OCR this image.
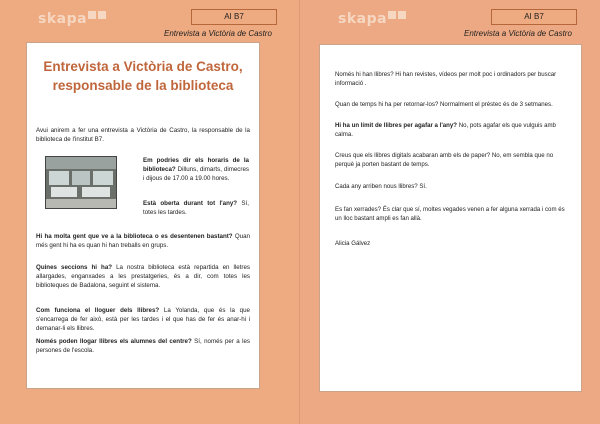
skapa	AI B7
Entrevista a Victòria de Castro
Entrevista a Victòria de Castro,
responsable de la biblioteca
Avui anirem a fer una entrevista a Victòria de Castro, la responsable de la biblioteca de l'institut B7.
Em podries dir els horaris de la biblioteca? Dilluns, dimarts, dimecres i dijous de 17.00 a 19.00 hores.
Està oberta durant tot l'any? Sí, totes les tardes.
Hi ha molta gent que ve a la biblioteca o es desentenen bastant? Quan més gent hi ha es quan hi han treballs en grups.
Quines seccions hi ha? La nostra biblioteca està repartida en lletres allargades, enganxades a les prestatgeries, és a dir, com totes les biblioteques de Badalona, seguint el sistema.
Com funciona el lloguer dels llibres? La Yolanda, que és la que s'encarrega de fer això, està per les tardes i el que has de fer és anar-hi i demanar-li els llibres.
Només poden llogar llibres els alumnes del centre? Sí, només per a les persones de l'escola.
skapa	AI B7
Entrevista a Victòria de Castro
Només hi han llibres? Hi han revistes, vídeos per molt poc i ordinadors per buscar informació .
Quan de temps hi ha per retornar-los? Normalment el préstec és de 3 setmanes.
Hi ha un límit de llibres per agafar a l'any? No, pots agafar els que vulguis amb calma.
Creus que els llibres digitals acabaran amb els de paper? No, em sembla que no perquè ja porten bastant de temps.
Cada any arriben nous llibres? Sí.
Es fan xerrades? És clar que sí, moltes vegades venen a fer alguna xerrada i com és un lloc bastant ampli es fan allà.
Alicia Gálvez
